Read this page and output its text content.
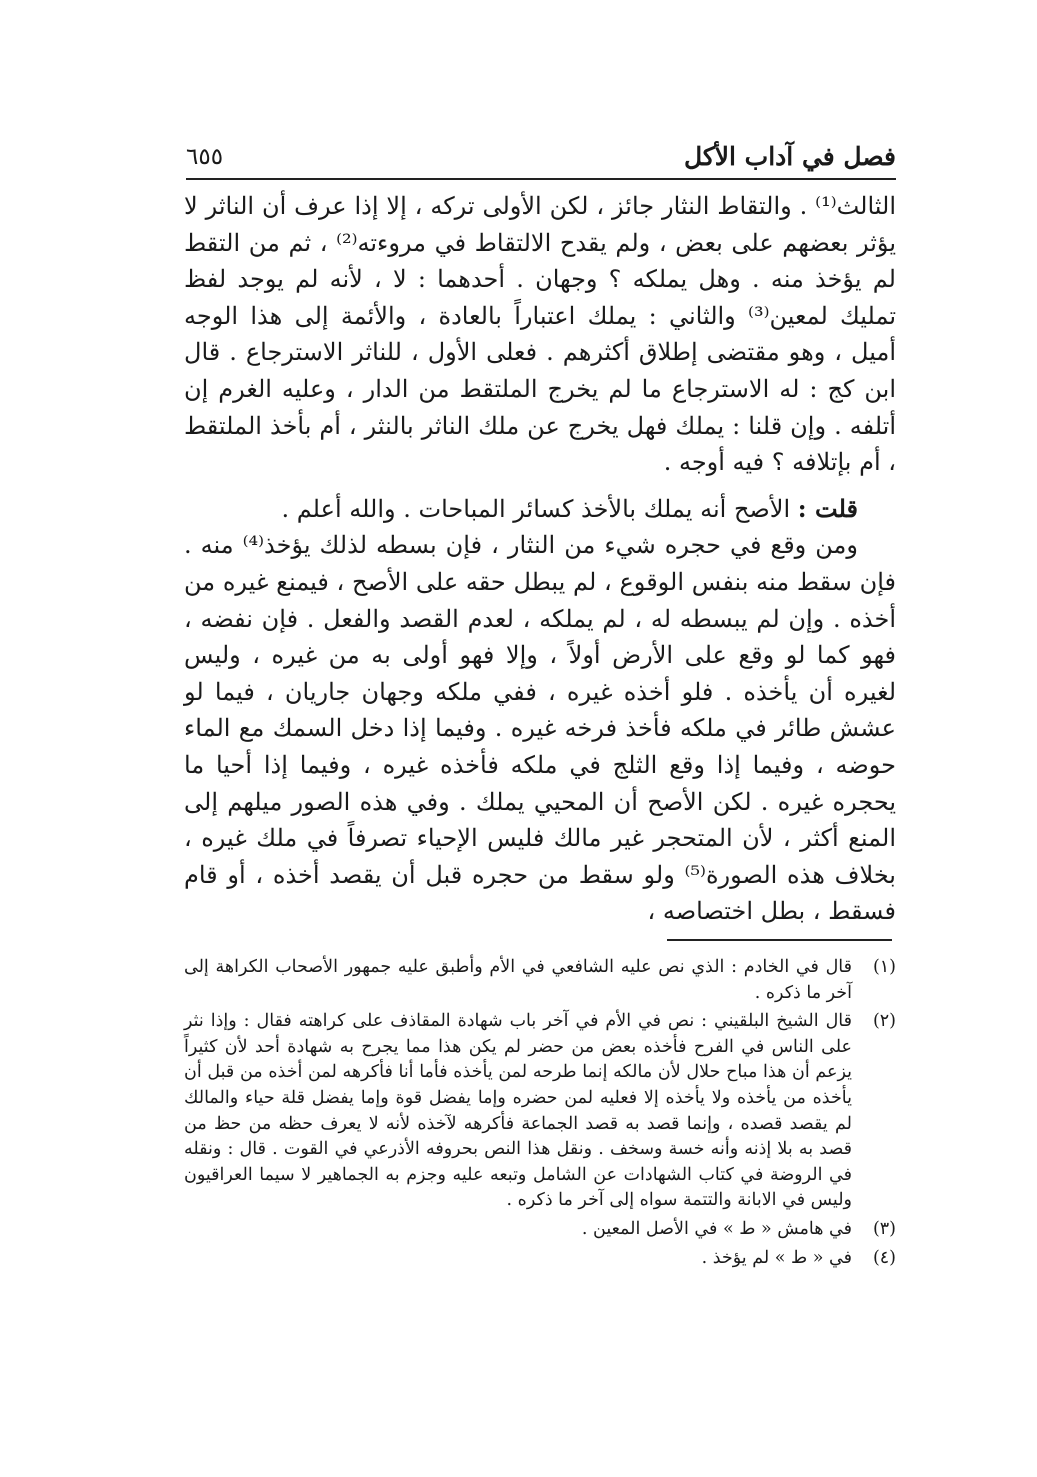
فصل في آداب الأكل
٦٥٥

الثالث⁽¹⁾ . والتقاط النثار جائز ، لكن الأولى تركه ، إلا إذا عرف أن الناثر لا يؤثر بعضهم على بعض ، ولم يقدح الالتقاط في مروءته⁽²⁾ ، ثم من التقط لم يؤخذ منه . وهل يملكه ؟ وجهان . أحدهما : لا ، لأنه لم يوجد لفظ تمليك لمعين⁽³⁾ والثاني : يملك اعتباراً بالعادة ، والأئمة إلى هذا الوجه أميل ، وهو مقتضى إطلاق أكثرهم . فعلى الأول ، للناثر الاسترجاع . قال ابن كج : له الاسترجاع ما لم يخرج الملتقط من الدار ، وعليه الغرم إن أتلفه . وإن قلنا : يملك فهل يخرج عن ملك الناثر بالنثر ، أم بأخذ الملتقط ، أم بإتلافه ؟ فيه أوجه .

قلت : الأصح أنه يملك بالأخذ كسائر المباحات . والله أعلم .

ومن وقع في حجره شيء من النثار ، فإن بسطه لذلك يؤخذ⁽⁴⁾ منه . فإن سقط منه بنفس الوقوع ، لم يبطل حقه على الأصح ، فيمنع غيره من أخذه . وإن لم يبسطه له ، لم يملكه ، لعدم القصد والفعل . فإن نفضه ، فهو كما لو وقع على الأرض أولاً ، وإلا فهو أولى به من غيره ، وليس لغيره أن يأخذه . فلو أخذه غيره ، ففي ملكه وجهان جاريان ، فيما لو عشش طائر في ملكه فأخذ فرخه غيره . وفيما إذا دخل السمك مع الماء حوضه ، وفيما إذا وقع الثلج في ملكه فأخذه غيره ، وفيما إذا أحيا ما يحجره غيره . لكن الأصح أن المحيي يملك . وفي هذه الصور ميلهم إلى المنع أكثر ، لأن المتحجر غير مالك فليس الإحياء تصرفاً في ملك غيره ، بخلاف هذه الصورة⁽⁵⁾ ولو سقط من حجره قبل أن يقصد أخذه ، أو قام فسقط ، بطل اختصاصه ،

(١)
قال في الخادم : الذي نص عليه الشافعي في الأم وأطبق عليه جمهور الأصحاب الكراهة إلى آخر ما ذكره .
(٢)
قال الشيخ البلقيني : نص في الأم في آخر باب شهادة المقاذف على كراهته فقال : وإذا نثر على الناس في الفرح فأخذه بعض من حضر لم يكن هذا مما يجرح به شهادة أحد لأن كثيراً يزعم أن هذا مباح حلال لأن مالكه إنما طرحه لمن يأخذه فأما أنا فأكرهه لمن أخذه من قبل أن يأخذه من يأخذه ولا يأخذه إلا فعليه لمن حضره وإما يفضل قوة وإما يفضل قلة حياء والمالك لم يقصد قصده ، وإنما قصد به قصد الجماعة فأكرهه لآخذه لأنه لا يعرف حظه من حظ من قصد به بلا إذنه وأنه خسة وسخف . ونقل هذا النص بحروفه الأذرعي في القوت . قال : ونقله في الروضة في كتاب الشهادات عن الشامل وتبعه عليه وجزم به الجماهير لا سيما العراقيون وليس في الابانة والتتمة سواه إلى آخر ما ذكره .
(٣)
في هامش « ط » في الأصل المعين .
(٤)
في « ط » لم يؤخذ .
